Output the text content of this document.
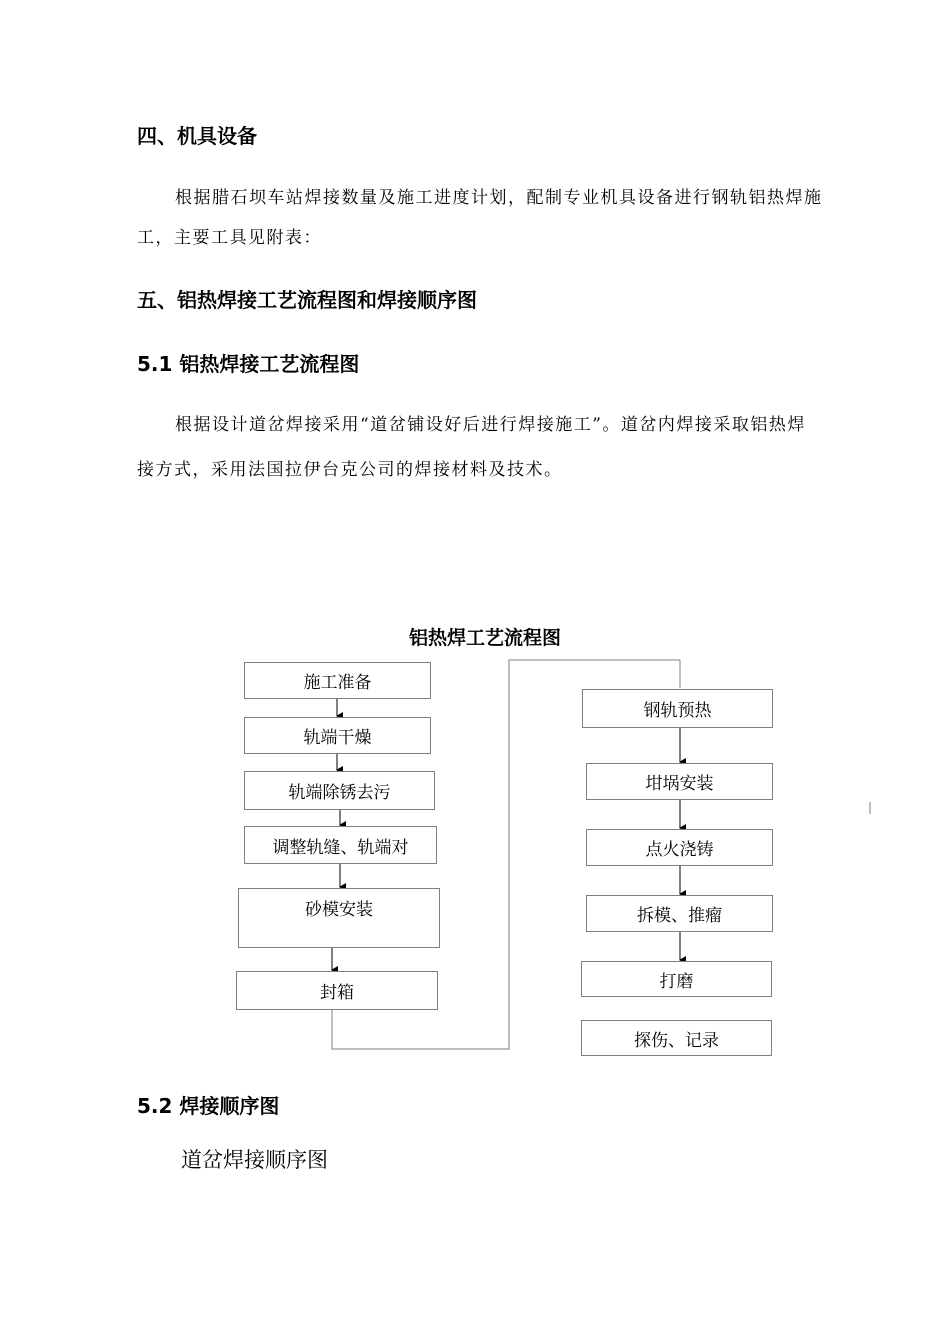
四、机具设备
根据腊石坝车站焊接数量及施工进度计划，配制专业机具设备进行钢轨铝热焊施
工，主要工具见附表：
五、铝热焊接工艺流程图和焊接顺序图
5.1 铝热焊接工艺流程图
根据设计道岔焊接采用“道岔铺设好后进行焊接施工”。道岔内焊接采取铝热焊
接方式，采用法国拉伊台克公司的焊接材料及技术。
铝热焊工艺流程图
施工准备
轨端干燥
轨端除锈去污
调整轨缝、轨端对
砂模安装
封箱
钢轨预热
坩埚安装
点火浇铸
拆模、推瘤
打磨
探伤、记录
5.2 焊接顺序图
道岔焊接顺序图
